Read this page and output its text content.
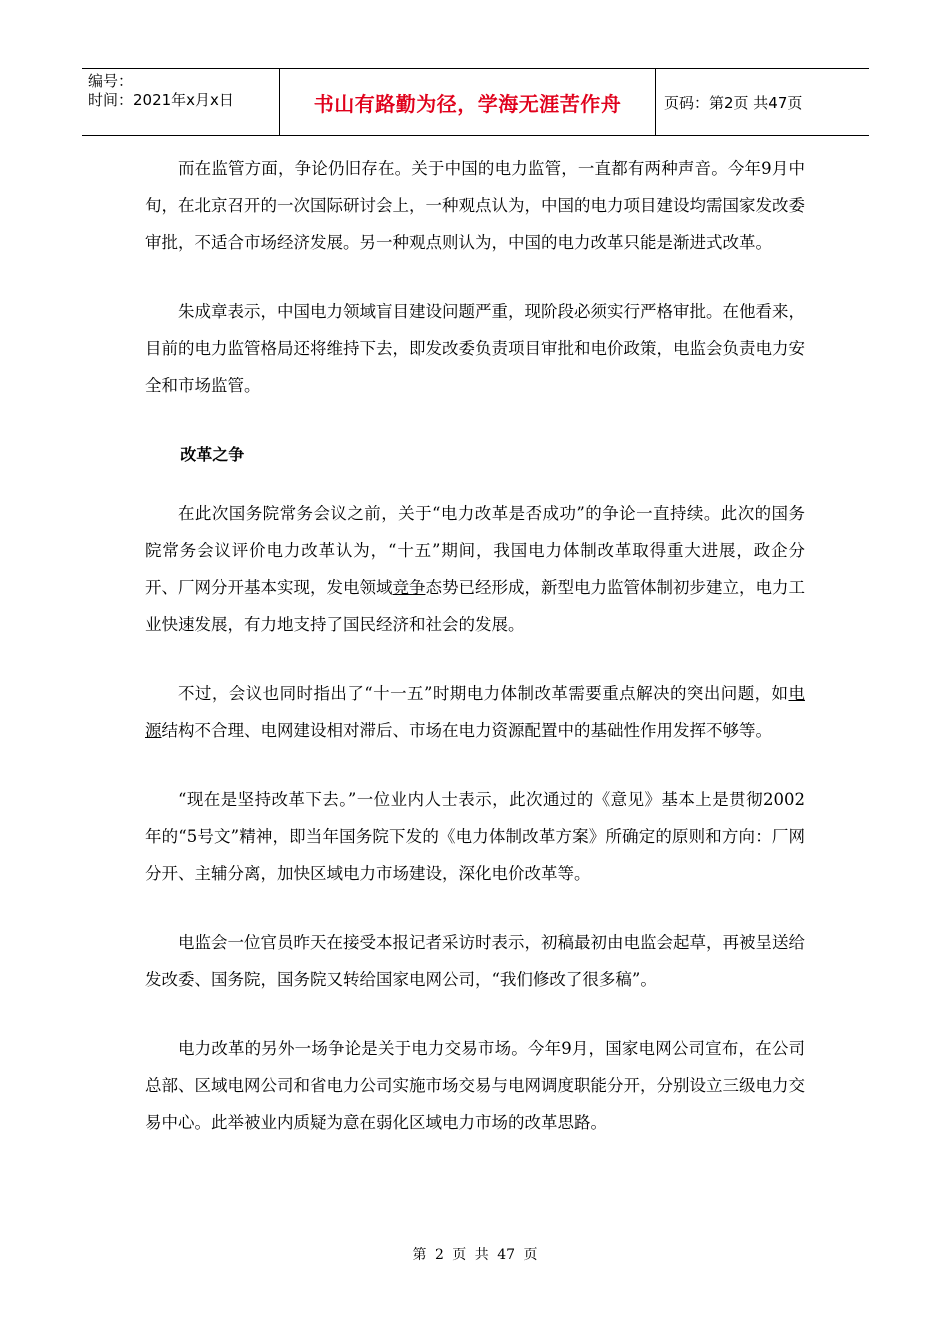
编号：
时间：2021年x月x日	书山有路勤为径，学海无涯苦作舟	页码：第2页 共47页

而在监管方面，争论仍旧存在。关于中国的电力监管，一直都有两种声音。今年9月中旬，在北京召开的一次国际研讨会上，一种观点认为，中国的电力项目建设均需国家发改委审批，不适合市场经济发展。另一种观点则认为，中国的电力改革只能是渐进式改革。

朱成章表示，中国电力领域盲目建设问题严重，现阶段必须实行严格审批。在他看来，目前的电力监管格局还将维持下去，即发改委负责项目审批和电价政策，电监会负责电力安全和市场监管。

改革之争

在此次国务院常务会议之前，关于“电力改革是否成功”的争论一直持续。此次的国务院常务会议评价电力改革认为，“十五”期间，我国电力体制改革取得重大进展，政企分开、厂网分开基本实现，发电领域竞争态势已经形成，新型电力监管体制初步建立，电力工业快速发展，有力地支持了国民经济和社会的发展。

不过，会议也同时指出了“十一五”时期电力体制改革需要重点解决的突出问题，如电源结构不合理、电网建设相对滞后、市场在电力资源配置中的基础性作用发挥不够等。

“现在是坚持改革下去。”一位业内人士表示，此次通过的《意见》基本上是贯彻2002年的“5号文”精神，即当年国务院下发的《电力体制改革方案》所确定的原则和方向：厂网分开、主辅分离，加快区域电力市场建设，深化电价改革等。

电监会一位官员昨天在接受本报记者采访时表示，初稿最初由电监会起草，再被呈送给发改委、国务院，国务院又转给国家电网公司，“我们修改了很多稿”。

电力改革的另外一场争论是关于电力交易市场。今年9月，国家电网公司宣布，在公司总部、区域电网公司和省电力公司实施市场交易与电网调度职能分开，分别设立三级电力交易中心。此举被业内质疑为意在弱化区域电力市场的改革思路。

第 2 页 共 47 页
